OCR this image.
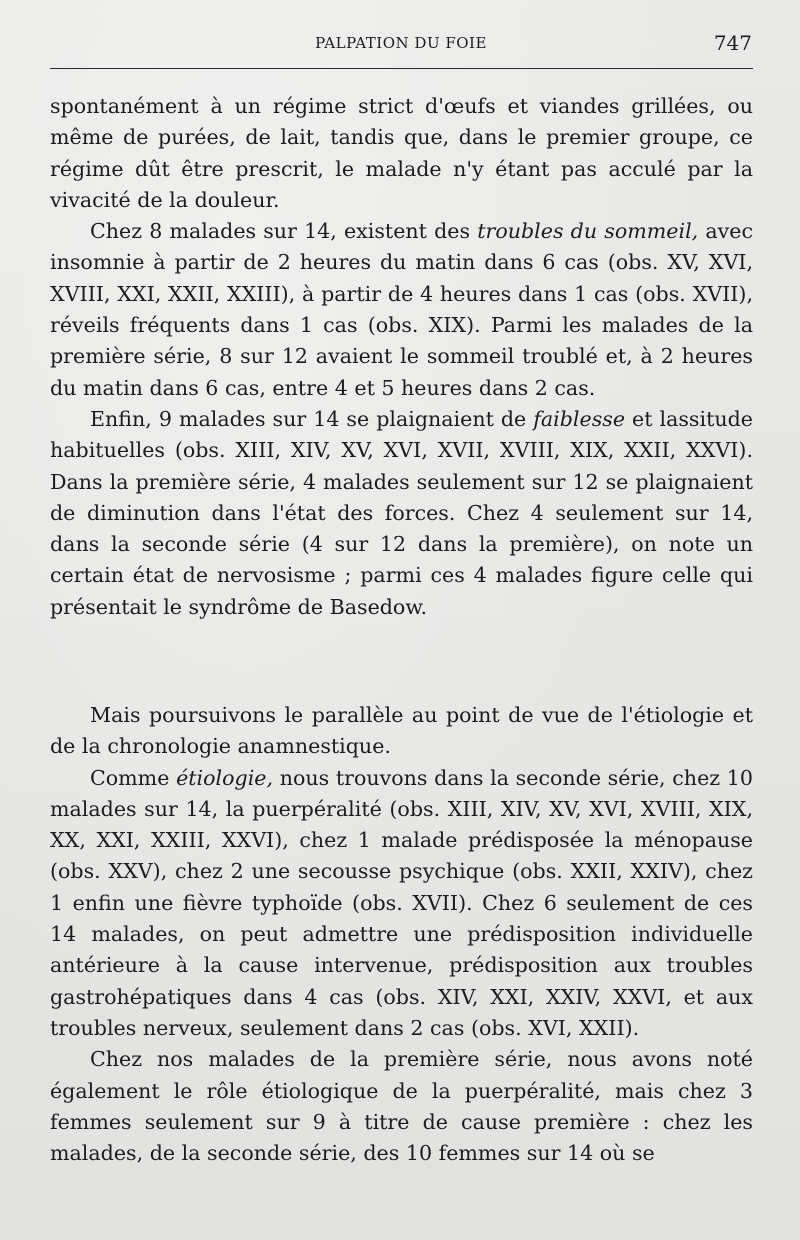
PALPATION DU FOIE	747

spontanément à un régime strict d'œufs et viandes grillées, ou même de purées, de lait, tandis que, dans le premier groupe, ce régime dût être prescrit, le malade n'y étant pas acculé par la vivacité de la douleur.

Chez 8 malades sur 14, existent des troubles du sommeil, avec insomnie à partir de 2 heures du matin dans 6 cas (obs. XV, XVI, XVIII, XXI, XXII, XXIII), à partir de 4 heures dans 1 cas (obs. XVII), réveils fréquents dans 1 cas (obs. XIX). Parmi les malades de la première série, 8 sur 12 avaient le sommeil troublé et, à 2 heures du matin dans 6 cas, entre 4 et 5 heures dans 2 cas.

Enfin, 9 malades sur 14 se plaignaient de faiblesse et lassitude habituelles (obs. XIII, XIV, XV, XVI, XVII, XVIII, XIX, XXII, XXVI). Dans la première série, 4 malades seulement sur 12 se plaignaient de diminution dans l'état des forces. Chez 4 seulement sur 14, dans la seconde série (4 sur 12 dans la première), on note un certain état de nervosisme ; parmi ces 4 malades figure celle qui présentait le syndrôme de Basedow.

Mais poursuivons le parallèle au point de vue de l'étiologie et de la chronologie anamnestique.

Comme étiologie, nous trouvons dans la seconde série, chez 10 malades sur 14, la puerpéralité (obs. XIII, XIV, XV, XVI, XVIII, XIX, XX, XXI, XXIII, XXVI), chez 1 malade prédisposée la ménopause (obs. XXV), chez 2 une secousse psychique (obs. XXII, XXIV), chez 1 enfin une fièvre typhoïde (obs. XVII). Chez 6 seulement de ces 14 malades, on peut admettre une prédisposition individuelle antérieure à la cause intervenue, prédisposition aux troubles gastrohépatiques dans 4 cas (obs. XIV, XXI, XXIV, XXVI, et aux troubles nerveux, seulement dans 2 cas (obs. XVI, XXII).

Chez nos malades de la première série, nous avons noté également le rôle étiologique de la puerpéralité, mais chez 3 femmes seulement sur 9 à titre de cause première : chez les malades, de la seconde série, des 10 femmes sur 14 où se
